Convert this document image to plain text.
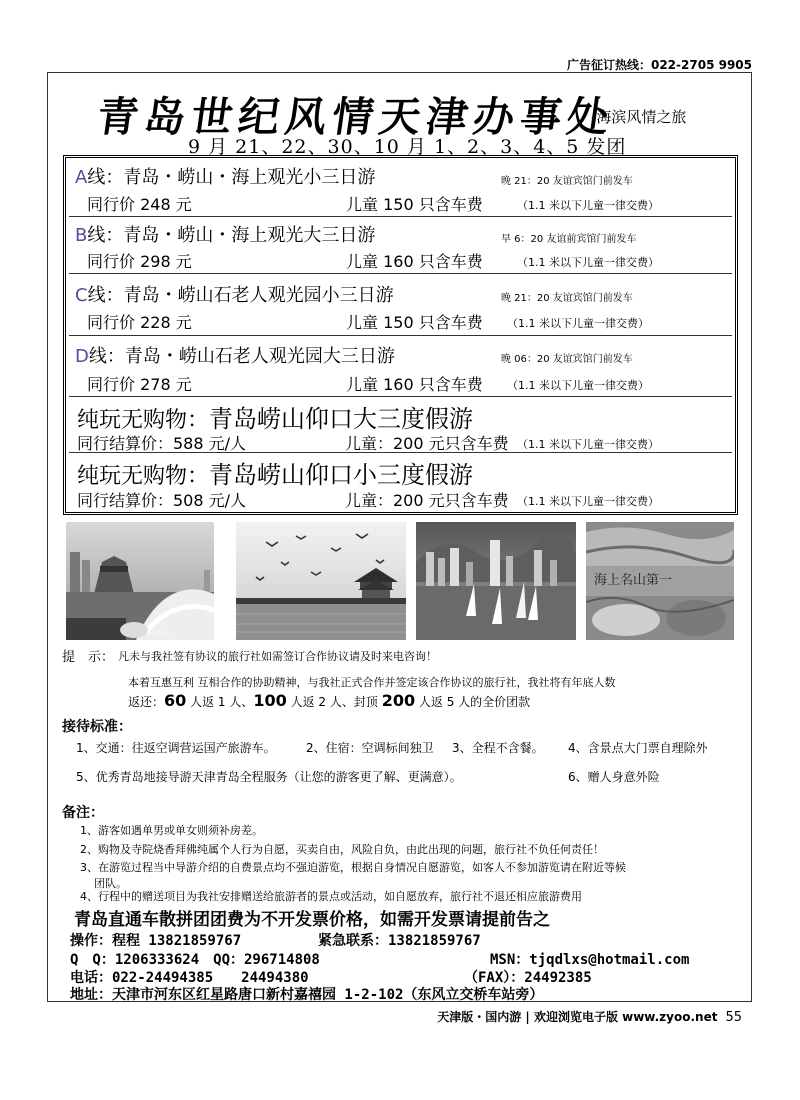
广告征订热线：022-2705 9905
青岛世纪风情天津办事处
-海滨风情之旅
9 月 21、22、30、10 月 1、2、3、4、5 发团
A线：青岛・崂山・海上观光小三日游	晚 21：20 友谊宾馆门前发车
同行价 248 元	儿童 150 只含车费	（1.1 米以下儿童一律交费）
B线：青岛・崂山・海上观光大三日游	早 6：20 友谊前宾馆门前发车
同行价 298 元	儿童 160 只含车费	（1.1 米以下儿童一律交费）
C线：青岛・崂山石老人观光园小三日游	晚 21：20 友谊宾馆门前发车
同行价 228 元	儿童 150 只含车费 （1.1 米以下儿童一律交费）
D线：青岛・崂山石老人观光园大三日游	晚 06：20 友谊宾馆门前发车
同行价 278 元	儿童 160 只含车费 （1.1 米以下儿童一律交费）
纯玩无购物：青岛崂山仰口大三度假游
同行结算价：588 元/人	儿童：200 元只含车费 （1.1 米以下儿童一律交费）
纯玩无购物：青岛崂山仰口小三度假游
同行结算价：508 元/人	儿童：200 元只含车费 （1.1 米以下儿童一律交费）
青岛风光
海上名山第一
提　示： 凡未与我社签有协议的旅行社如需签订合作协议请及时来电咨询！
本着互惠互利 互相合作的协助精神，与我社正式合作并签定该合作协议的旅行社，我社将有年底人数
返还：60 人返 1 人、100 人返 2 人、封顶 200 人返 5 人的全价团款
接待标准：
1、交通：往返空调营运国产旅游车。	2、住宿：空调标间独卫 3、全程不含餐。 4、含景点大门票自理除外
5、优秀青岛地接导游天津青岛全程服务（让您的游客更了解、更满意）。	6、赠人身意外险
备注：
1、游客如遇单男或单女则须补房差。
2、购物及寺院烧香拜佛纯属个人行为自愿，买卖自由，风险自负，由此出现的问题，旅行社不负任何责任！
3、在游览过程当中导游介绍的自费景点均不强迫游览，根据自身情况自愿游览，如客人不参加游览请在附近等候
团队。
4、行程中的赠送项目为我社安排赠送给旅游者的景点或活动，如自愿放弃，旅行社不退还相应旅游费用
青岛直通车散拼团团费为不开发票价格，如需开发票请提前告之
操作：程程 13821859767	紧急联系：13821859767
Q　Q：1206333624　QQ：296714808	MSN：tjqdlxs@hotmail.com
电话：022-24494385　　24494380	（FAX）：24492385
地址：天津市河东区红星路唐口新村嘉禧园 1-2-102（东风立交桥车站旁）
天津版・国内游 | 欢迎浏览电子版 www.zyoo.net 55
